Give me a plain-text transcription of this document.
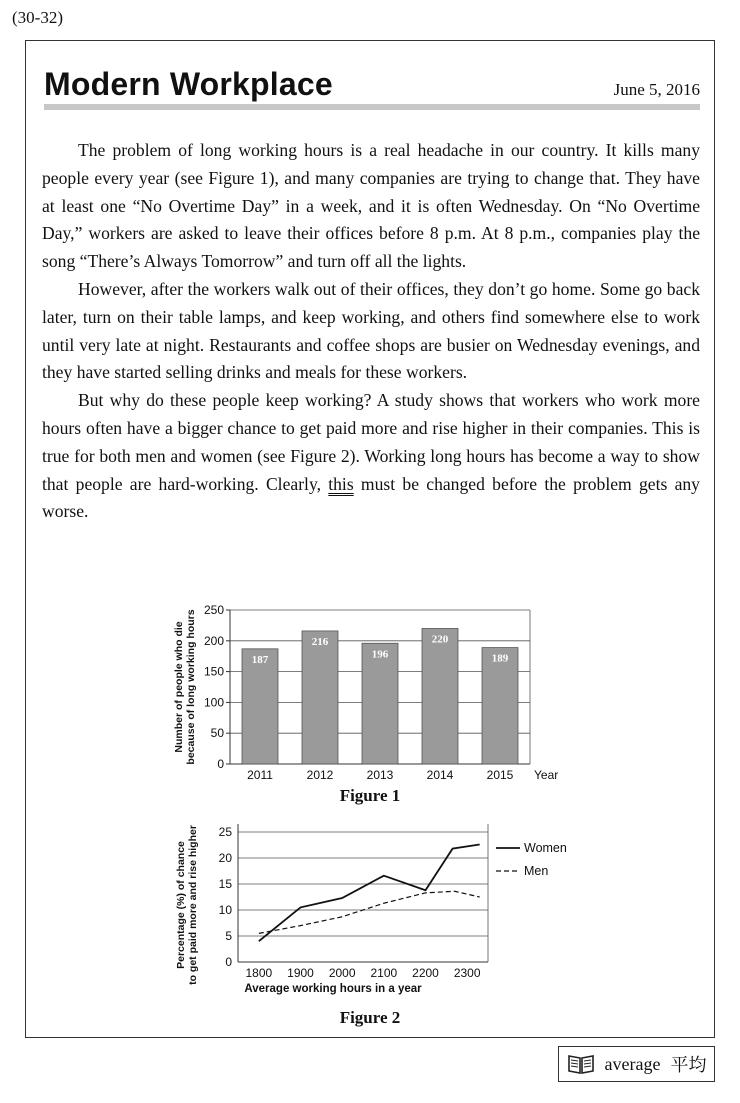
(30-32)
Modern Workplace	June 5, 2016

The problem of long working hours is a real headache in our country. It kills many people every year (see Figure 1), and many companies are trying to change that. They have at least one “No Overtime Day” in a week, and it is often Wednesday. On “No Overtime Day,” workers are asked to leave their offices before 8 p.m. At 8 p.m., companies play the song “There’s Always Tomorrow” and turn off all the lights.

However, after the workers walk out of their offices, they don’t go home. Some go back later, turn on their table lamps, and keep working, and others find somewhere else to work until very late at night. Restaurants and coffee shops are busier on Wednesday evenings, and they have started selling drinks and meals for these workers.

But why do these people keep working? A study shows that workers who work more hours often have a bigger chance to get paid more and rise higher in their companies. This is true for both men and women (see Figure 2). Working long hours has become a way to show that people are hard-working. Clearly, this must be changed before the problem gets any worse.

0
50
100
150
200
250
187
2011
216
2012
196
2013
220
2014
189
2015 Year
Number of people who die because of long working hours
Figure 1
0
5
10
15
20
25
1800 1900 2000 2100 2200 2300
Average working hours in a year
Women
Men
Percentage (%) of chance to get paid more and rise higher
Figure 2
average 平均
